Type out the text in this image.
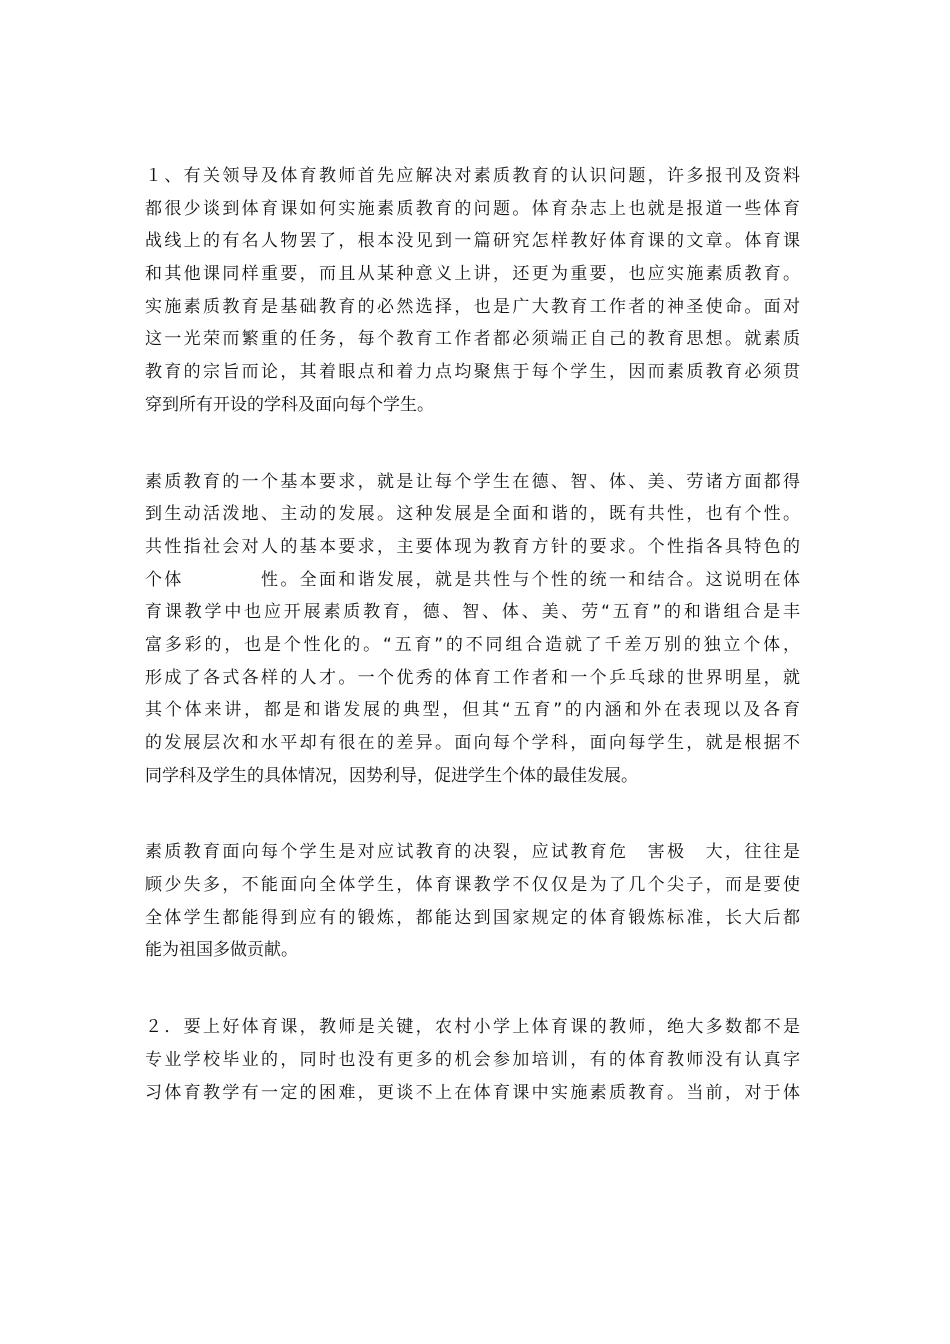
１、有关领导及体育教师首先应解决对素质教育的认识问题，许多报刊及资料
都很少谈到体育课如何实施素质教育的问题。体育杂志上也就是报道一些体育
战线上的有名人物罢了，根本没见到一篇研究怎样教好体育课的文章。体育课
和其他课同样重要，而且从某种意义上讲，还更为重要，也应实施素质教育。
实施素质教育是基础教育的必然选择，也是广大教育工作者的神圣使命。面对
这一光荣而繁重的任务，每个教育工作者都必须端正自己的教育思想。就素质
教育的宗旨而论，其着眼点和着力点均聚焦于每个学生，因而素质教育必须贯
穿到所有开设的学科及面向每个学生。
素质教育的一个基本要求，就是让每个学生在德、智、体、美、劳诸方面都得
到生动活泼地、主动的发展。这种发展是全面和谐的，既有共性，也有个性。
共性指社会对人的基本要求，主要体现为教育方针的要求。个性指各具特色的
个体　　　　性。全面和谐发展，就是共性与个性的统一和结合。这说明在体
育课教学中也应开展素质教育，德、智、体、美、劳“五育”的和谐组合是丰
富多彩的，也是个性化的。“五育”的不同组合造就了千差万别的独立个体，
形成了各式各样的人才。一个优秀的体育工作者和一个乒乓球的世界明星，就
其个体来讲，都是和谐发展的典型，但其“五育”的内涵和外在表现以及各育
的发展层次和水平却有很在的差异。面向每个学科，面向每学生，就是根据不
同学科及学生的具体情况，因势利导，促进学生个体的最佳发展。
素质教育面向每个学生是对应试教育的决裂，应试教育危　害极　大，往往是
顾少失多，不能面向全体学生，体育课教学不仅仅是为了几个尖子，而是要使
全体学生都能得到应有的锻炼，都能达到国家规定的体育锻炼标准，长大后都
能为祖国多做贡献。
２．要上好体育课，教师是关键，农村小学上体育课的教师，绝大多数都不是
专业学校毕业的，同时也没有更多的机会参加培训，有的体育教师没有认真字
习体育教学有一定的困难，更谈不上在体育课中实施素质教育。当前，对于体
